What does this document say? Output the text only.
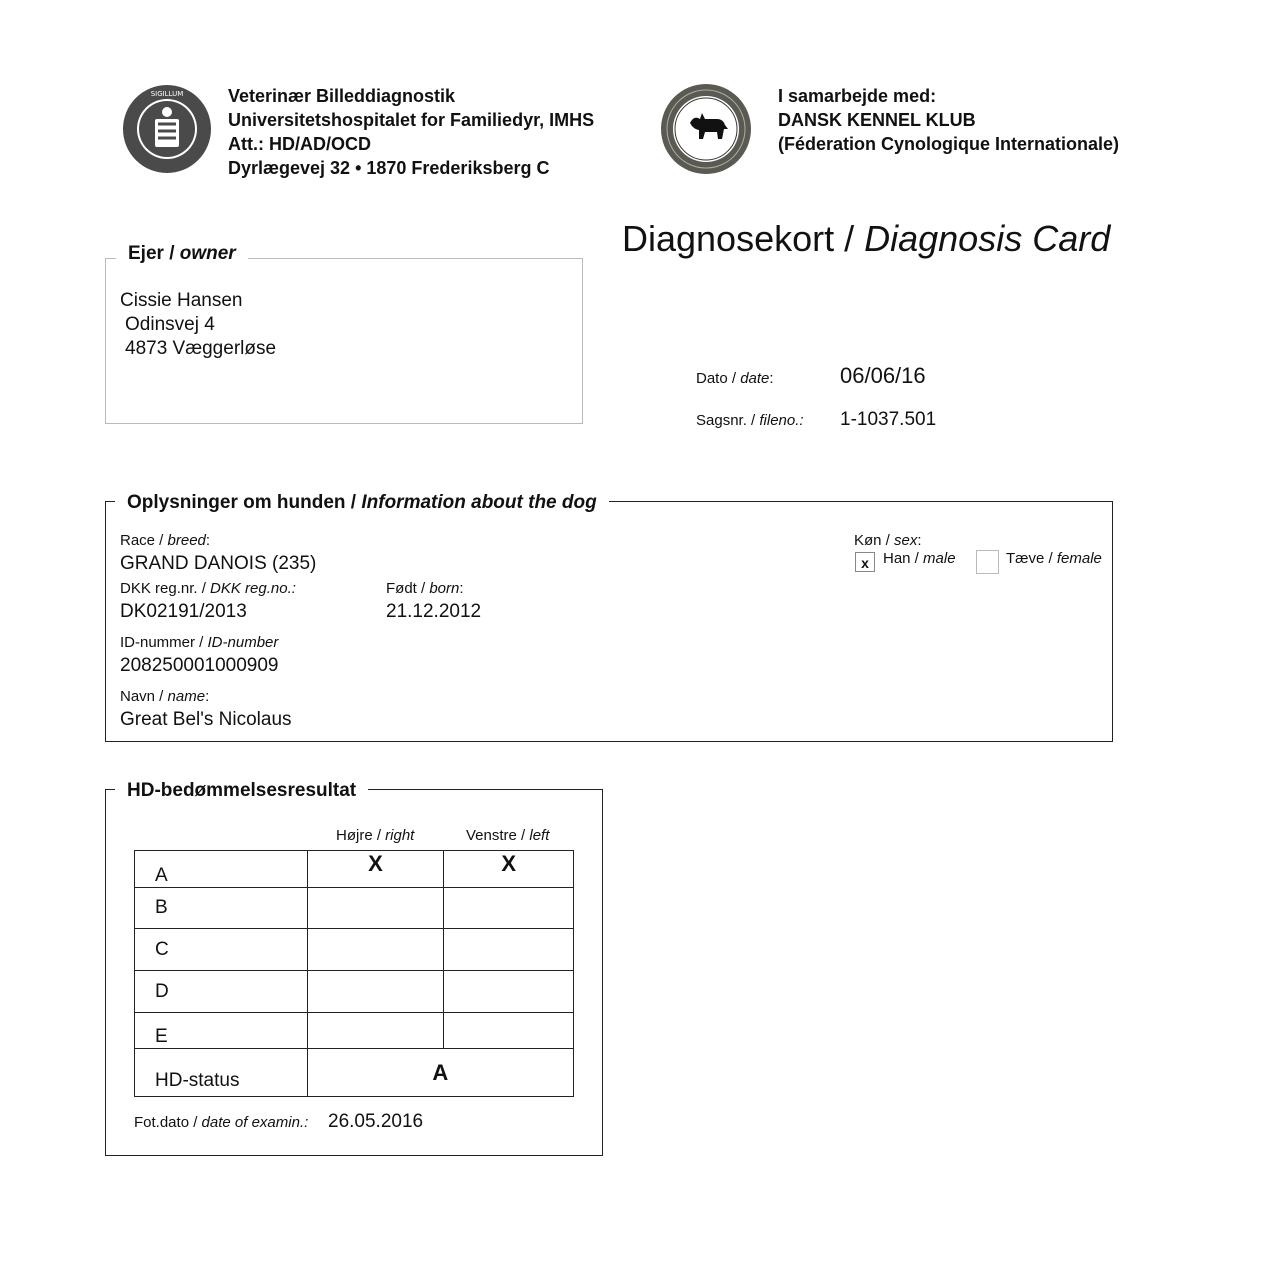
SIGILLUM Veterinær Billeddiagnostik
Universitetshospitalet for Familiedyr, IMHS
Att.: HD/AD/OCD
Dyrlægevej 32 • 1870 Frederiksberg C
I samarbejde med:
DANSK KENNEL KLUB
(Féderation Cynologique Internationale)
Diagnosekort / Diagnosis Card
Ejer / owner
Cissie Hansen
Odinsvej 4
4873 Væggerløse
Dato / date:	06/06/16
Sagsnr. / fileno.: 1-1037.501
Oplysninger om hunden / Information about the dog
Race / breed:
GRAND DANOIS (235)
DKK reg.nr. / DKK reg.no.:
DK02191/2013
Født / born:
21.12.2012
ID-nummer / ID-number
208250001000909
Navn / name:
Great Bel's Nicolaus
Køn / sex:
x Han / male	Tæve / female
HD-bedømmelsesresultat
Højre / right	Venstre / left
A	X	X
B		
C		
D		
E		
HD-status	A	
Fot.dato / date of examin.: 26.05.2016
